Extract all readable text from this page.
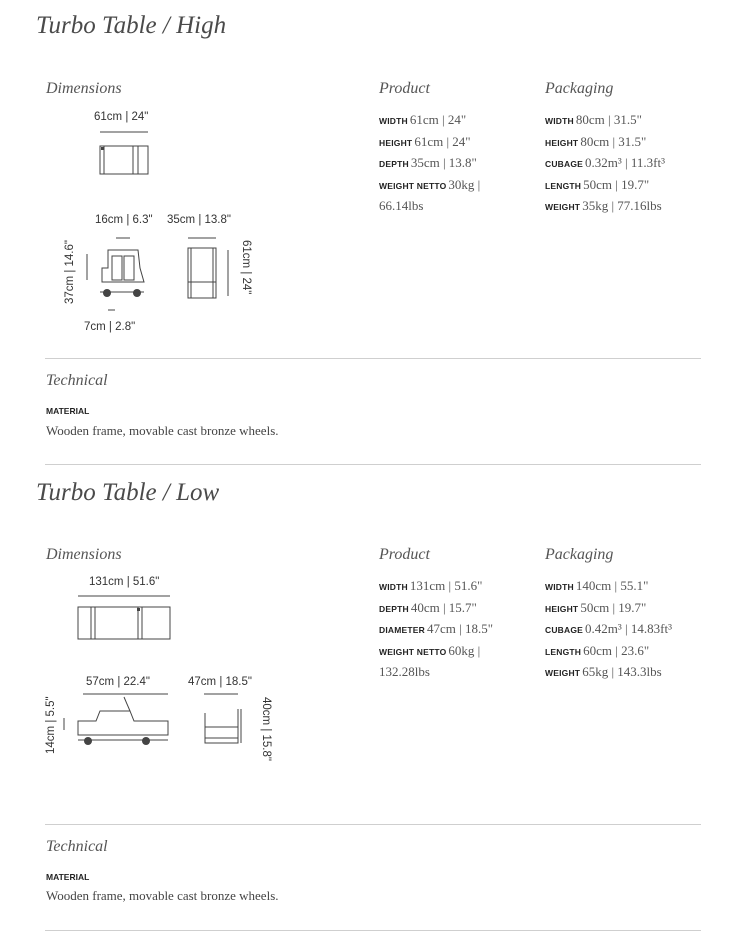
Turbo Table / High
Dimensions	Product	Packaging
WIDTH 61cm | 24"
HEIGHT 61cm | 24"
DEPTH 35cm | 13.8"
WEIGHT NETTO 30kg | 66.14lbs
WIDTH 80cm | 31.5"
HEIGHT 80cm | 31.5"
CUBAGE 0.32m³ | 11.3ft³
LENGTH 50cm | 19.7"
WEIGHT 35kg | 77.16lbs
61cm | 24"
16cm | 6.3" 35cm | 13.8"
7cm | 2.8"
37cm | 14.6"	61cm | 24"
Technical
MATERIAL
Wooden frame, movable cast bronze wheels.
Turbo Table / Low
Dimensions	Product	Packaging
WIDTH 131cm | 51.6"
DEPTH 40cm | 15.7"
DIAMETER 47cm | 18.5"
WEIGHT NETTO 60kg | 132.28lbs
WIDTH 140cm | 55.1"
HEIGHT 50cm | 19.7"
CUBAGE 0.42m³ | 14.83ft³
LENGTH 60cm | 23.6"
WEIGHT 65kg | 143.3lbs
131cm | 51.6"
57cm | 22.4"	47cm | 18.5"
14cm | 5.5"	40cm | 15.8"
Technical
MATERIAL
Wooden frame, movable cast bronze wheels.
